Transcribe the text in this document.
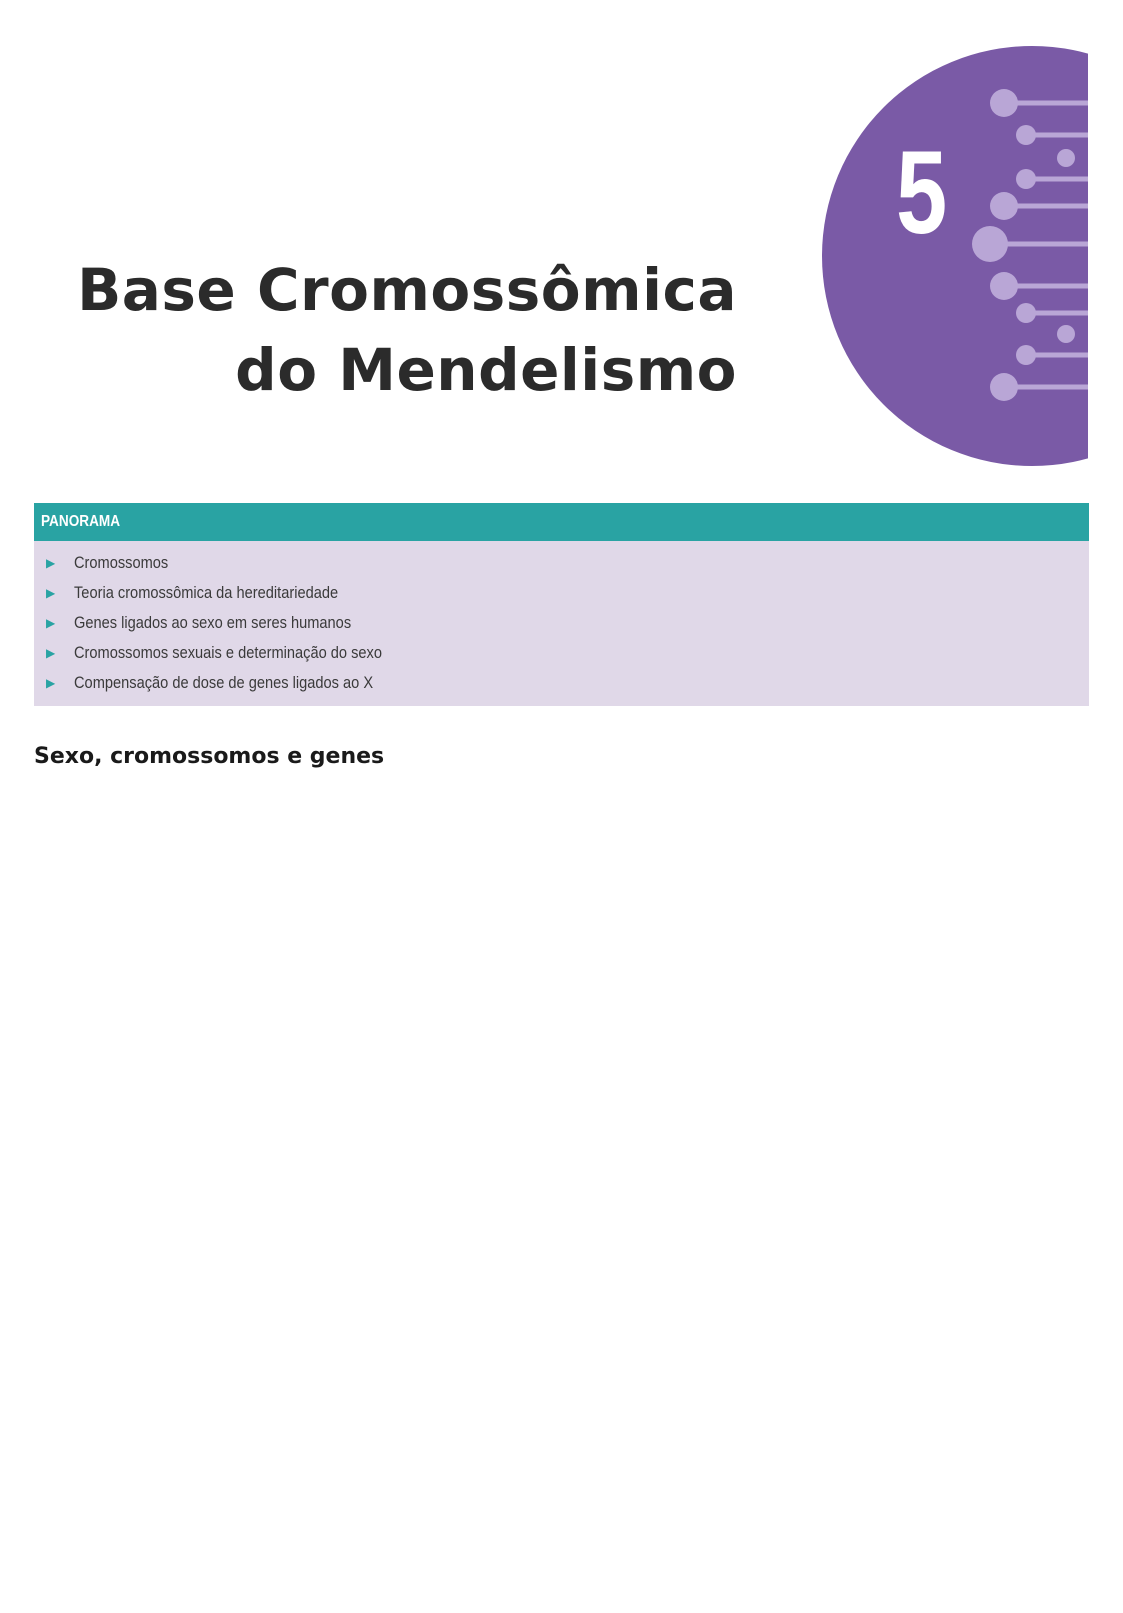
5
Base Cromossômica
do Mendelismo
PANORAMA
▶ Cromossomos
▶ Teoria cromossômica da hereditariedade
▶ Genes ligados ao sexo em seres humanos
▶ Cromossomos sexuais e determinação do sexo
▶ Compensação de dose de genes ligados ao X
Sexo, cromossomos e genes
